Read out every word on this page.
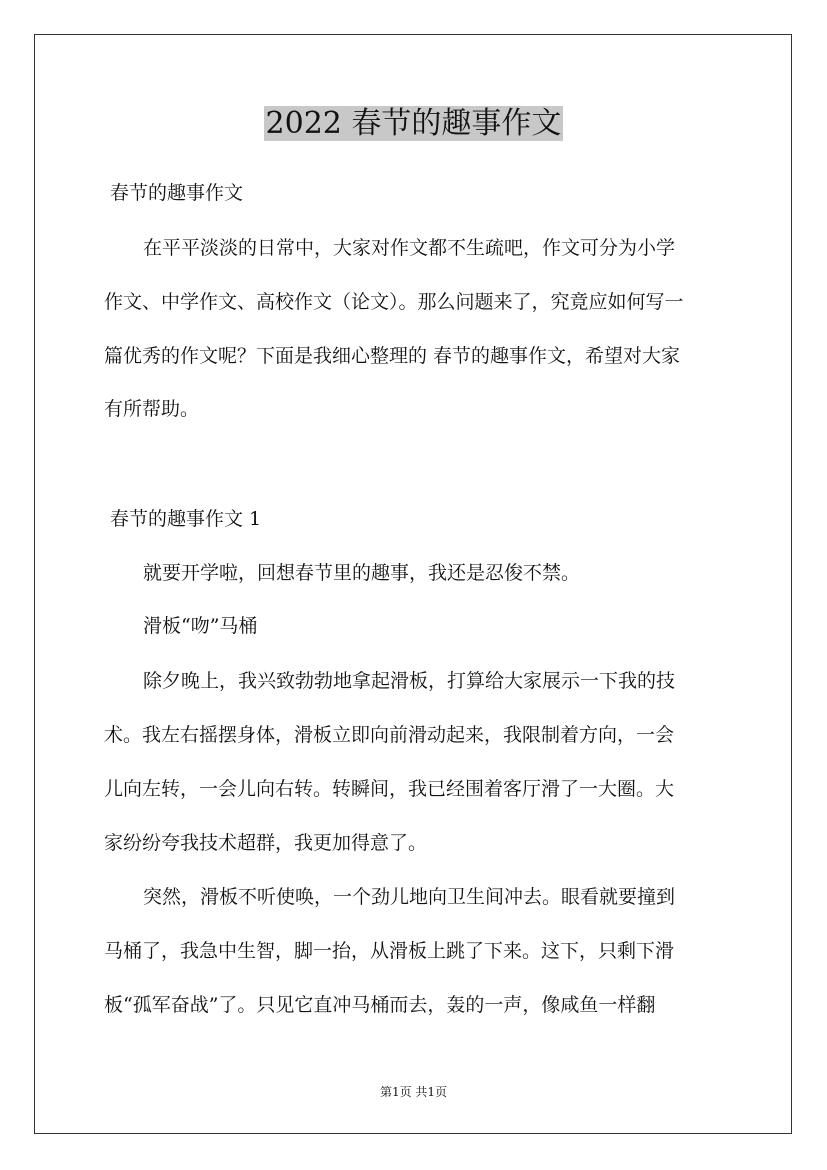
2022 春节的趣事作文
春节的趣事作文
在平平淡淡的日常中，大家对作文都不生疏吧，作文可分为小学
作文、中学作文、高校作文（论文）。那么问题来了，究竟应如何写一
篇优秀的作文呢？下面是我细心整理的 春节的趣事作文，希望对大家
有所帮助。
春节的趣事作文 1
就要开学啦，回想春节里的趣事，我还是忍俊不禁。
滑板“吻”马桶
除夕晚上，我兴致勃勃地拿起滑板，打算给大家展示一下我的技
术。我左右摇摆身体，滑板立即向前滑动起来，我限制着方向，一会
儿向左转，一会儿向右转。转瞬间，我已经围着客厅滑了一大圈。大
家纷纷夸我技术超群，我更加得意了。
突然，滑板不听使唤，一个劲儿地向卫生间冲去。眼看就要撞到
马桶了，我急中生智，脚一抬，从滑板上跳了下来。这下，只剩下滑
板“孤军奋战”了。只见它直冲马桶而去，轰的一声，像咸鱼一样翻
第1页 共1页
